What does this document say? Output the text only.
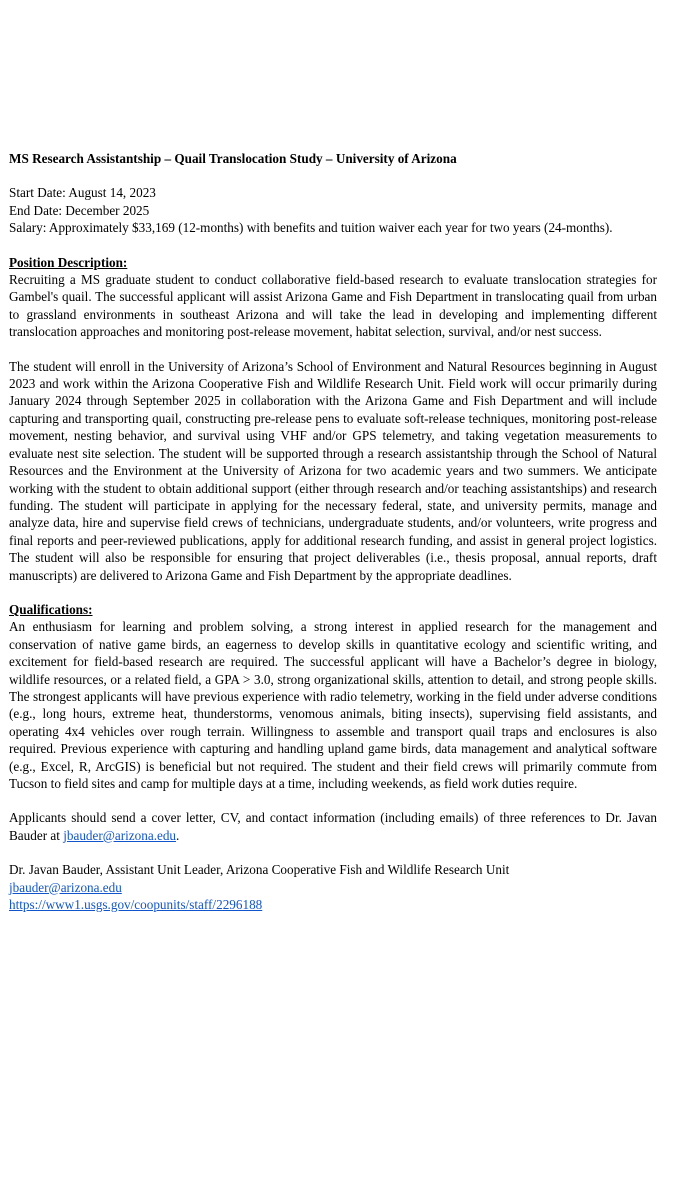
MS Research Assistantship – Quail Translocation Study – University of Arizona

Start Date: August 14, 2023

End Date: December 2025

Salary: Approximately $33,169 (12-months) with benefits and tuition waiver each year for two years (24-months).

Position Description:

Recruiting a MS graduate student to conduct collaborative field-based research to evaluate translocation strategies for Gambel's quail. The successful applicant will assist Arizona Game and Fish Department in translocating quail from urban to grassland environments in southeast Arizona and will take the lead in developing and implementing different translocation approaches and monitoring post-release movement, habitat selection, survival, and/or nest success.

The student will enroll in the University of Arizona’s School of Environment and Natural Resources beginning in August 2023 and work within the Arizona Cooperative Fish and Wildlife Research Unit. Field work will occur primarily during January 2024 through September 2025 in collaboration with the Arizona Game and Fish Department and will include capturing and transporting quail, constructing pre-release pens to evaluate soft-release techniques, monitoring post-release movement, nesting behavior, and survival using VHF and/or GPS telemetry, and taking vegetation measurements to evaluate nest site selection. The student will be supported through a research assistantship through the School of Natural Resources and the Environment at the University of Arizona for two academic years and two summers. We anticipate working with the student to obtain additional support (either through research and/or teaching assistantships) and research funding. The student will participate in applying for the necessary federal, state, and university permits, manage and analyze data, hire and supervise field crews of technicians, undergraduate students, and/or volunteers, write progress and final reports and peer-reviewed publications, apply for additional research funding, and assist in general project logistics. The student will also be responsible for ensuring that project deliverables (i.e., thesis proposal, annual reports, draft manuscripts) are delivered to Arizona Game and Fish Department by the appropriate deadlines.

Qualifications:

An enthusiasm for learning and problem solving, a strong interest in applied research for the management and conservation of native game birds, an eagerness to develop skills in quantitative ecology and scientific writing, and excitement for field-based research are required. The successful applicant will have a Bachelor’s degree in biology, wildlife resources, or a related field, a GPA > 3.0, strong organizational skills, attention to detail, and strong people skills. The strongest applicants will have previous experience with radio telemetry, working in the field under adverse conditions (e.g., long hours, extreme heat, thunderstorms, venomous animals, biting insects), supervising field assistants, and operating 4x4 vehicles over rough terrain. Willingness to assemble and transport quail traps and enclosures is also required. Previous experience with capturing and handling upland game birds, data management and analytical software (e.g., Excel, R, ArcGIS) is beneficial but not required. The student and their field crews will primarily commute from Tucson to field sites and camp for multiple days at a time, including weekends, as field work duties require.

Applicants should send a cover letter, CV, and contact information (including emails) of three references to Dr. Javan Bauder at jbauder@arizona.edu.

Dr. Javan Bauder, Assistant Unit Leader, Arizona Cooperative Fish and Wildlife Research Unit

jbauder@arizona.edu

https://www1.usgs.gov/coopunits/staff/2296188
